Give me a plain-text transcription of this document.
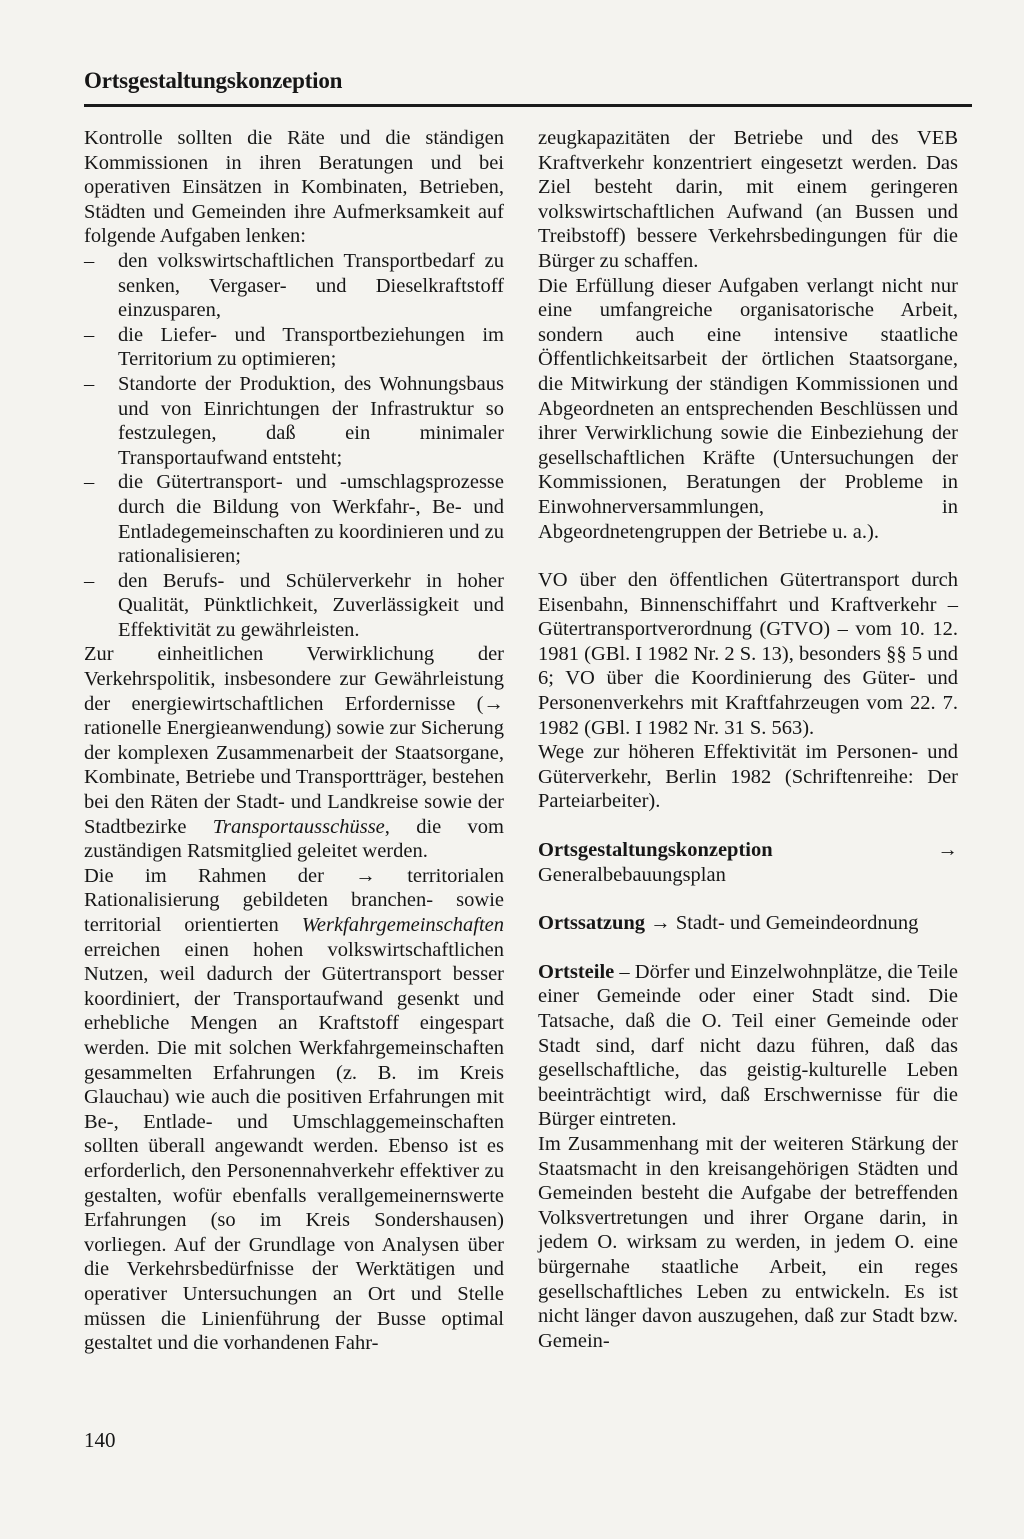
Ortsgestaltungskonzeption

Kontrolle sollten die Räte und die ständigen Kommissionen in ihren Beratungen und bei operativen Einsätzen in Kombinaten, Betrieben, Städten und Gemeinden ihre Aufmerksamkeit auf folgende Aufgaben lenken:

– den volkswirtschaftlichen Transportbedarf zu senken, Vergaser- und Dieselkraftstoff einzusparen,
– die Liefer- und Transportbeziehungen im Territorium zu optimieren;
– Standorte der Produktion, des Wohnungsbaus und von Einrichtungen der Infrastruktur so festzulegen, daß ein minimaler Transportaufwand entsteht;
– die Gütertransport- und -umschlagsprozesse durch die Bildung von Werkfahr-, Be- und Entladegemeinschaften zu koordinieren und zu rationalisieren;
– den Berufs- und Schülerverkehr in hoher Qualität, Pünktlichkeit, Zuverlässigkeit und Effektivität zu gewährleisten.

Zur einheitlichen Verwirklichung der Verkehrspolitik, insbesondere zur Gewährleistung der energiewirtschaftlichen Erfordernisse (→ rationelle Energieanwendung) sowie zur Sicherung der komplexen Zusammenarbeit der Staatsorgane, Kombinate, Betriebe und Transportträger, bestehen bei den Räten der Stadt- und Landkreise sowie der Stadtbezirke Transportausschüsse, die vom zuständigen Ratsmitglied geleitet werden.

Die im Rahmen der → territorialen Rationalisierung gebildeten branchen- sowie territorial orientierten Werkfahrgemeinschaften erreichen einen hohen volkswirtschaftlichen Nutzen, weil dadurch der Gütertransport besser koordiniert, der Transportaufwand gesenkt und erhebliche Mengen an Kraftstoff eingespart werden. Die mit solchen Werkfahrgemeinschaften gesammelten Erfahrungen (z. B. im Kreis Glauchau) wie auch die positiven Erfahrungen mit Be-, Entlade- und Umschlaggemeinschaften sollten überall angewandt werden. Ebenso ist es erforderlich, den Personennahverkehr effektiver zu gestalten, wofür ebenfalls verallgemeinernswerte Erfahrungen (so im Kreis Sondershausen) vorliegen. Auf der Grundlage von Analysen über die Verkehrsbedürfnisse der Werktätigen und operativer Untersuchungen an Ort und Stelle müssen die Linienführung der Busse optimal gestaltet und die vorhandenen Fahr-

zeugkapazitäten der Betriebe und des VEB Kraftverkehr konzentriert eingesetzt werden. Das Ziel besteht darin, mit einem geringeren volkswirtschaftlichen Aufwand (an Bussen und Treibstoff) bessere Verkehrsbedingungen für die Bürger zu schaffen.

Die Erfüllung dieser Aufgaben verlangt nicht nur eine umfangreiche organisatorische Arbeit, sondern auch eine intensive staatliche Öffentlichkeitsarbeit der örtlichen Staatsorgane, die Mitwirkung der ständigen Kommissionen und Abgeordneten an entsprechenden Beschlüssen und ihrer Verwirklichung sowie die Einbeziehung der gesellschaftlichen Kräfte (Untersuchungen der Kommissionen, Beratungen der Probleme in Einwohnerversammlungen, in Abgeordnetengruppen der Betriebe u. a.).

VO über den öffentlichen Gütertransport durch Eisenbahn, Binnenschiffahrt und Kraftverkehr – Gütertransportverordnung (GTVO) – vom 10. 12. 1981 (GBl. I 1982 Nr. 2 S. 13), besonders §§ 5 und 6; VO über die Koordinierung des Güter- und Personenverkehrs mit Kraftfahrzeugen vom 22. 7. 1982 (GBl. I 1982 Nr. 31 S. 563).

Wege zur höheren Effektivität im Personen- und Güterverkehr, Berlin 1982 (Schriftenreihe: Der Parteiarbeiter).

Ortsgestaltungskonzeption → Generalbebauungsplan

Ortssatzung → Stadt- und Gemeindeordnung

Ortsteile – Dörfer und Einzelwohnplätze, die Teile einer Gemeinde oder einer Stadt sind. Die Tatsache, daß die O. Teil einer Gemeinde oder Stadt sind, darf nicht dazu führen, daß das gesellschaftliche, das geistig-kulturelle Leben beeinträchtigt wird, daß Erschwernisse für die Bürger eintreten.

Im Zusammenhang mit der weiteren Stärkung der Staatsmacht in den kreisangehörigen Städten und Gemeinden besteht die Aufgabe der betreffenden Volksvertretungen und ihrer Organe darin, in jedem O. wirksam zu werden, in jedem O. eine bürgernahe staatliche Arbeit, ein reges gesellschaftliches Leben zu entwickeln. Es ist nicht länger davon auszugehen, daß zur Stadt bzw. Gemein-

140
